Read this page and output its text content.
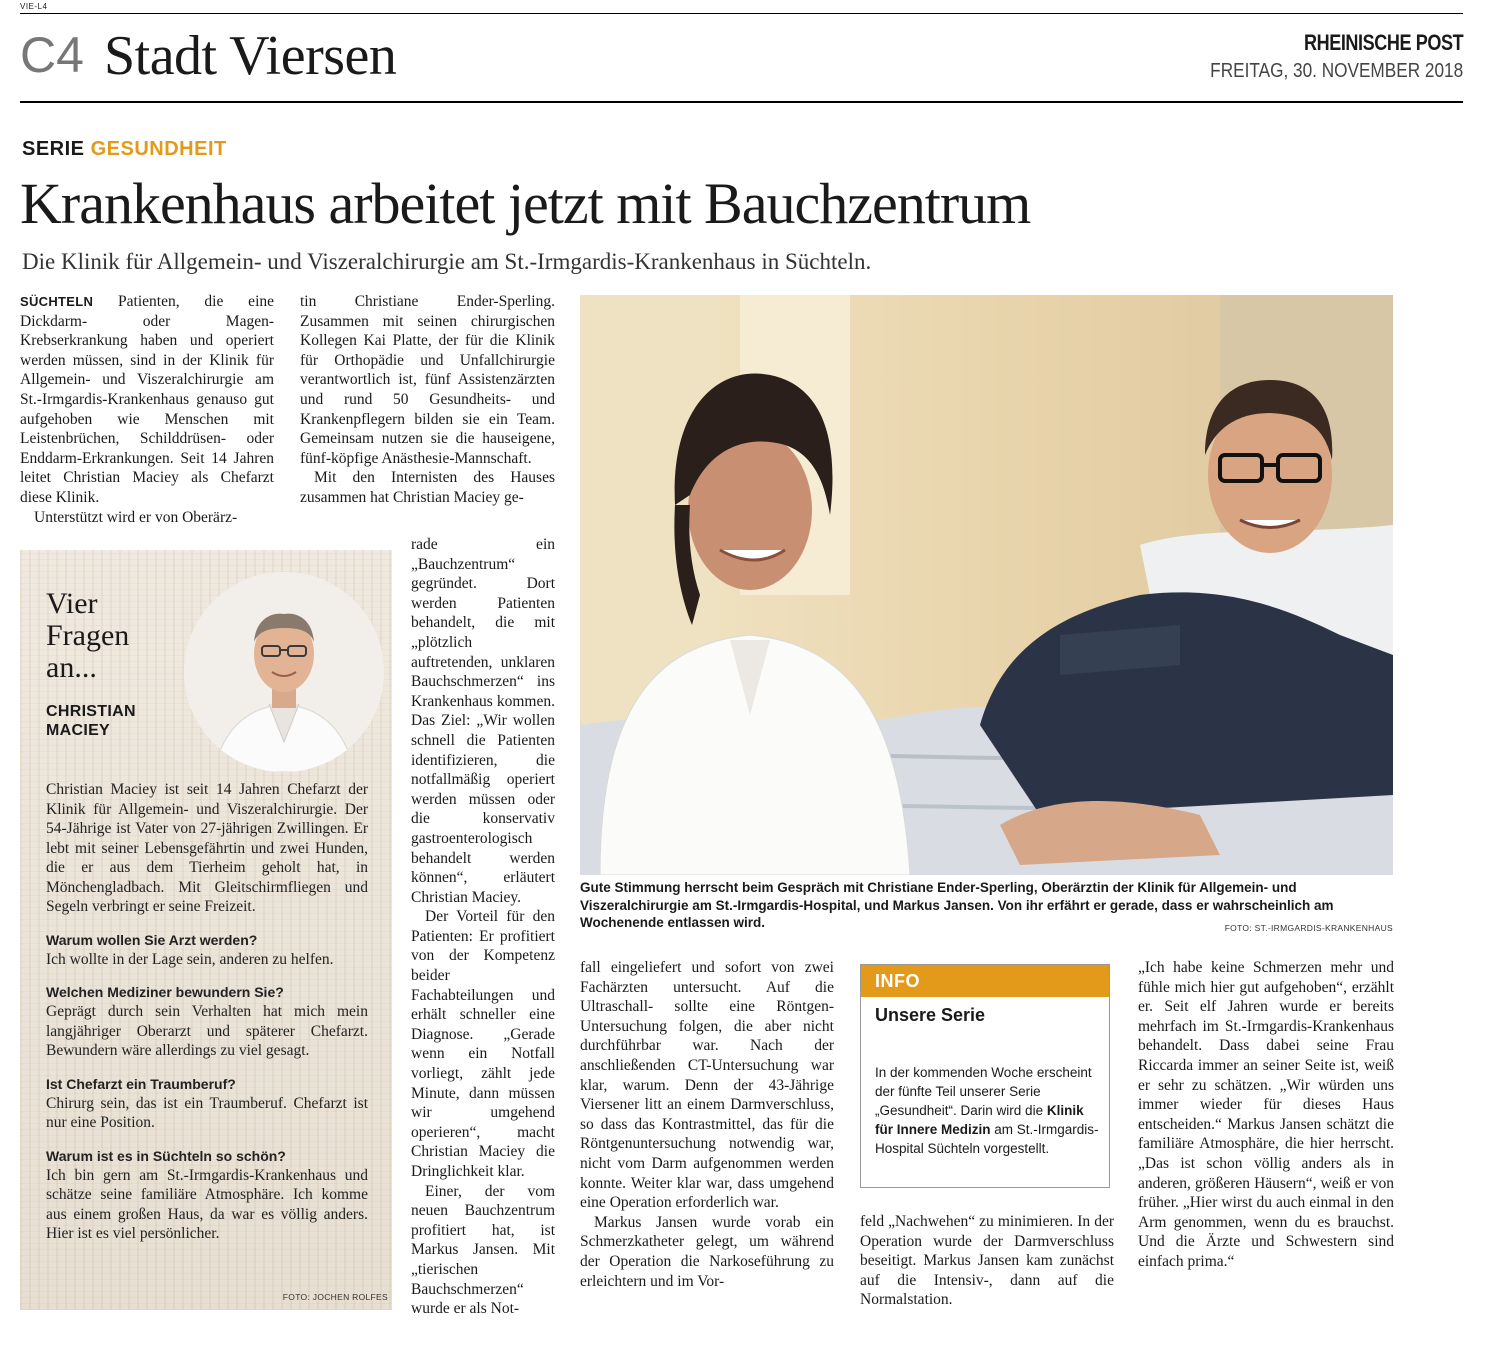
VIE-L4
C4 Stadt Viersen	RHEINISCHE POST
FREITAG, 30. NOVEMBER 2018
SERIE GESUNDHEIT
Krankenhaus arbeitet jetzt mit Bauchzentrum
Die Klinik für Allgemein- und Viszeralchirurgie am St.-Irmgardis-Krankenhaus in Süchteln.

SÜCHTELN Patienten, die eine Dickdarm- oder Magen-Krebserkrankung haben und operiert werden müssen, sind in der Klinik für Allgemein- und Viszeralchirurgie am St.-Irmgardis-Krankenhaus genauso gut aufgehoben wie Menschen mit Leistenbrüchen, Schilddrüsen- oder Enddarm-Erkrankungen. Seit 14 Jahren leitet Christian Maciey als Chefarzt diese Klinik.

Unterstützt wird er von Oberärz-

Vier Fragen an...
CHRISTIAN MACIEY

Christian Maciey ist seit 14 Jahren Chefarzt der Klinik für Allgemein- und Viszeralchirurgie. Der 54-Jährige ist Vater von 27-jährigen Zwillingen. Er lebt mit seiner Lebensgefährtin und zwei Hunden, die er aus dem Tierheim geholt hat, in Mönchengladbach. Mit Gleitschirmfliegen und Segeln verbringt er seine Freizeit.

Warum wollen Sie Arzt werden?

Ich wollte in der Lage sein, anderen zu helfen.

Welchen Mediziner bewundern Sie?

Geprägt durch sein Verhalten hat mich mein langjähriger Oberarzt und späterer Chefarzt. Bewundern wäre allerdings zu viel gesagt.

Ist Chefarzt ein Traumberuf?

Chirurg sein, das ist ein Traumberuf. Chefarzt ist nur eine Position.

Warum ist es in Süchteln so schön?

Ich bin gern am St.-Irmgardis-Krankenhaus und schätze seine familiäre Atmosphäre. Ich komme aus einem großen Haus, da war es völlig anders. Hier ist es viel persönlicher.

FOTO: JOCHEN ROLFES

tin Christiane Ender-Sperling. Zusammen mit seinen chirurgischen Kollegen Kai Platte, der für die Klinik für Orthopädie und Unfallchirurgie verantwortlich ist, fünf Assistenzärzten und rund 50 Gesundheits- und Krankenpflegern bilden sie ein Team. Gemeinsam nutzen sie die hauseigene, fünf-köpfige Anästhesie-Mannschaft.

Mit den Internisten des Hauses zusammen hat Christian Maciey ge-

rade ein „Bauchzentrum“ gegründet. Dort werden Patienten behandelt, die mit „plötzlich auftretenden, unklaren Bauchschmerzen“ ins Krankenhaus kommen. Das Ziel: „Wir wollen schnell die Patienten identifizieren, die notfallmäßig operiert werden müssen oder die konservativ gastroenterologisch behandelt werden können“, erläutert Christian Maciey.

Der Vorteil für den Patienten: Er profitiert von der Kompetenz beider Fachabteilungen und erhält schneller eine Diagnose. „Gerade wenn ein Notfall vorliegt, zählt jede Minute, dann müssen wir umgehend operieren“, macht Christian Maciey die Dringlichkeit klar.

Einer, der vom neuen Bauchzentrum profitiert hat, ist Markus Jansen. Mit „tierischen Bauchschmerzen“ wurde er als Not-

Gute Stimmung herrscht beim Gespräch mit Christiane Ender-Sperling, Oberärztin der Klinik für Allgemein- und Viszeralchirurgie am St.-Irmgardis-Hospital, und Markus Jansen. Von ihr erfährt er gerade, dass er wahrscheinlich am Wochenende entlassen wird.	FOTO: ST.-IRMGARDIS-KRANKENHAUS

fall eingeliefert und sofort von zwei Fachärzten untersucht. Auf die Ultraschall- sollte eine Röntgen-Untersuchung folgen, die aber nicht durchführbar war. Nach der anschließenden CT-Untersuchung war klar, warum. Denn der 43-Jährige Viersener litt an einem Darmverschluss, so dass das Kontrastmittel, das für die Röntgenuntersuchung notwendig war, nicht vom Darm aufgenommen werden konnte. Weiter klar war, dass umgehend eine Operation erforderlich war.

Markus Jansen wurde vorab ein Schmerzkatheter gelegt, um während der Operation die Narkoseführung zu erleichtern und im Vor-

INFO
Unsere Serie
In der kommenden Woche erscheint der fünfte Teil unserer Serie „Gesundheit“. Darin wird die Klinik für Innere Medizin am St.-Irmgardis-Hospital Süchteln vorgestellt.

feld „Nachwehen“ zu minimieren. In der Operation wurde der Darmverschluss beseitigt. Markus Jansen kam zunächst auf die Intensiv-, dann auf die Normalstation.

„Ich habe keine Schmerzen mehr und fühle mich hier gut aufgehoben“, erzählt er. Seit elf Jahren wurde er bereits mehrfach im St.-Irmgardis-Krankenhaus behandelt. Dass dabei seine Frau Riccarda immer an seiner Seite ist, weiß er sehr zu schätzen. „Wir würden uns immer wieder für dieses Haus entscheiden.“ Markus Jansen schätzt die familiäre Atmosphäre, die hier herrscht. „Das ist schon völlig anders als in anderen, größeren Häusern“, weiß er von früher. „Hier wirst du auch einmal in den Arm genommen, wenn du es brauchst. Und die Ärzte und Schwestern sind einfach prima.“
